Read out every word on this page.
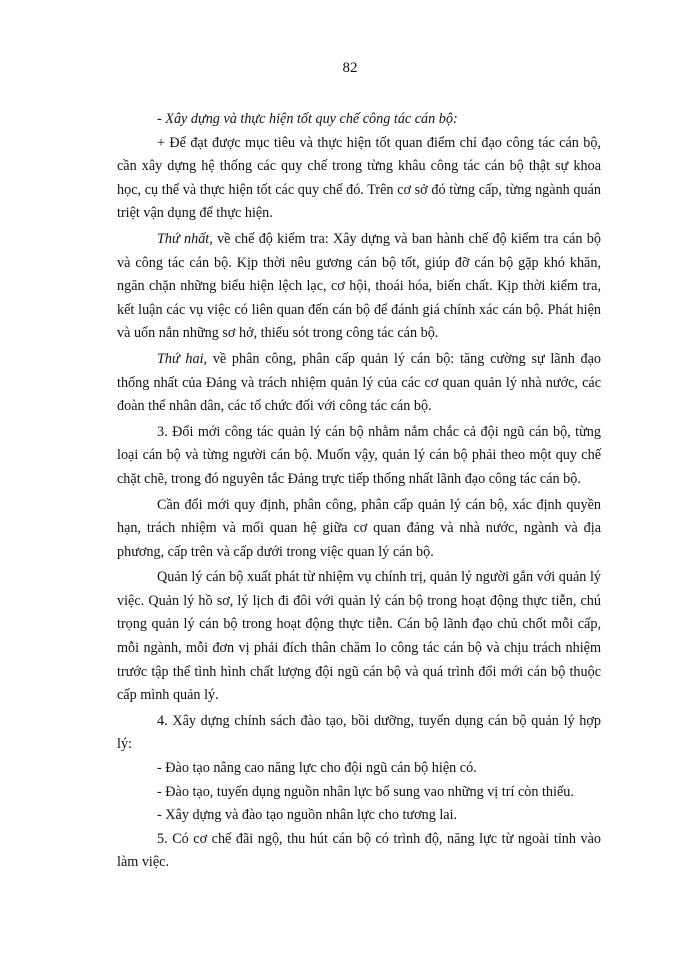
82

- Xây dựng và thực hiện tốt quy chế công tác cán bộ:

+ Để đạt được mục tiêu và thực hiện tốt quan điểm chỉ đạo công tác cán bộ, cần xây dựng hệ thống các quy chế trong từng khâu công tác cán bộ thật sự khoa học, cụ thể và thực hiện tốt các quy chế đó. Trên cơ sở đó từng cấp, từng ngành quán triệt vận dụng để thực hiện.

Thứ nhất, về chế độ kiểm tra: Xây dựng và ban hành chế độ kiểm tra cán bộ và công tác cán bộ. Kịp thời nêu gương cán bộ tốt, giúp đỡ cán bộ gặp khó khăn, ngăn chặn những biểu hiện lệch lạc, cơ hội, thoái hóa, biến chất. Kịp thời kiểm tra, kết luận các vụ việc có liên quan đến cán bộ để đánh giá chính xác cán bộ. Phát hiện và uốn nắn những sơ hở, thiếu sót trong công tác cán bộ.

Thứ hai, về phân công, phân cấp quản lý cán bộ: tăng cường sự lãnh đạo thống nhất của Đảng và trách nhiệm quản lý của các cơ quan quản lý nhà nước, các đoàn thể nhân dân, các tổ chức đối với công tác cán bộ.

3. Đổi mới công tác quản lý cán bộ nhằm nắm chắc cả đội ngũ cán bộ, từng loại cán bộ và từng người cán bộ. Muốn vậy, quản lý cán bộ phải theo một quy chế chặt chẽ, trong đó nguyên tắc Đảng trực tiếp thống nhất lãnh đạo công tác cán bộ.

Cần đổi mới quy định, phân công, phân cấp quản lý cán bộ, xác định quyền hạn, trách nhiệm và mối quan hệ giữa cơ quan đảng và nhà nước, ngành và địa phương, cấp trên và cấp dưới trong việc quan lý cán bộ.

Quản lý cán bộ xuất phát từ nhiệm vụ chính trị, quản lý người gắn với quản lý việc. Quản lý hồ sơ, lý lịch đi đôi với quản lý cán bộ trong hoạt động thực tiễn, chú trọng quản lý cán bộ trong hoạt động thực tiễn. Cán bộ lãnh đạo chủ chốt mỗi cấp, mỗi ngành, mỗi đơn vị phải đích thân chăm lo công tác cán bộ và chịu trách nhiệm trước tập thể tình hình chất lượng đội ngũ cán bộ và quá trình đổi mới cán bộ thuộc cấp mình quản lý.

4. Xây dựng chính sách đào tạo, bồi dưỡng, tuyển dụng cán bộ quản lý hợp lý:

- Đào tạo nâng cao năng lực cho đội ngũ cán bộ hiện có.

- Đào tạo, tuyển dụng nguồn nhân lực bổ sung vao những vị trí còn thiếu.

- Xây dựng và đào tạo nguồn nhân lực cho tương lai.

5. Có cơ chế đãi ngộ, thu hút cán bộ có trình độ, năng lực từ ngoài tỉnh vào làm việc.
